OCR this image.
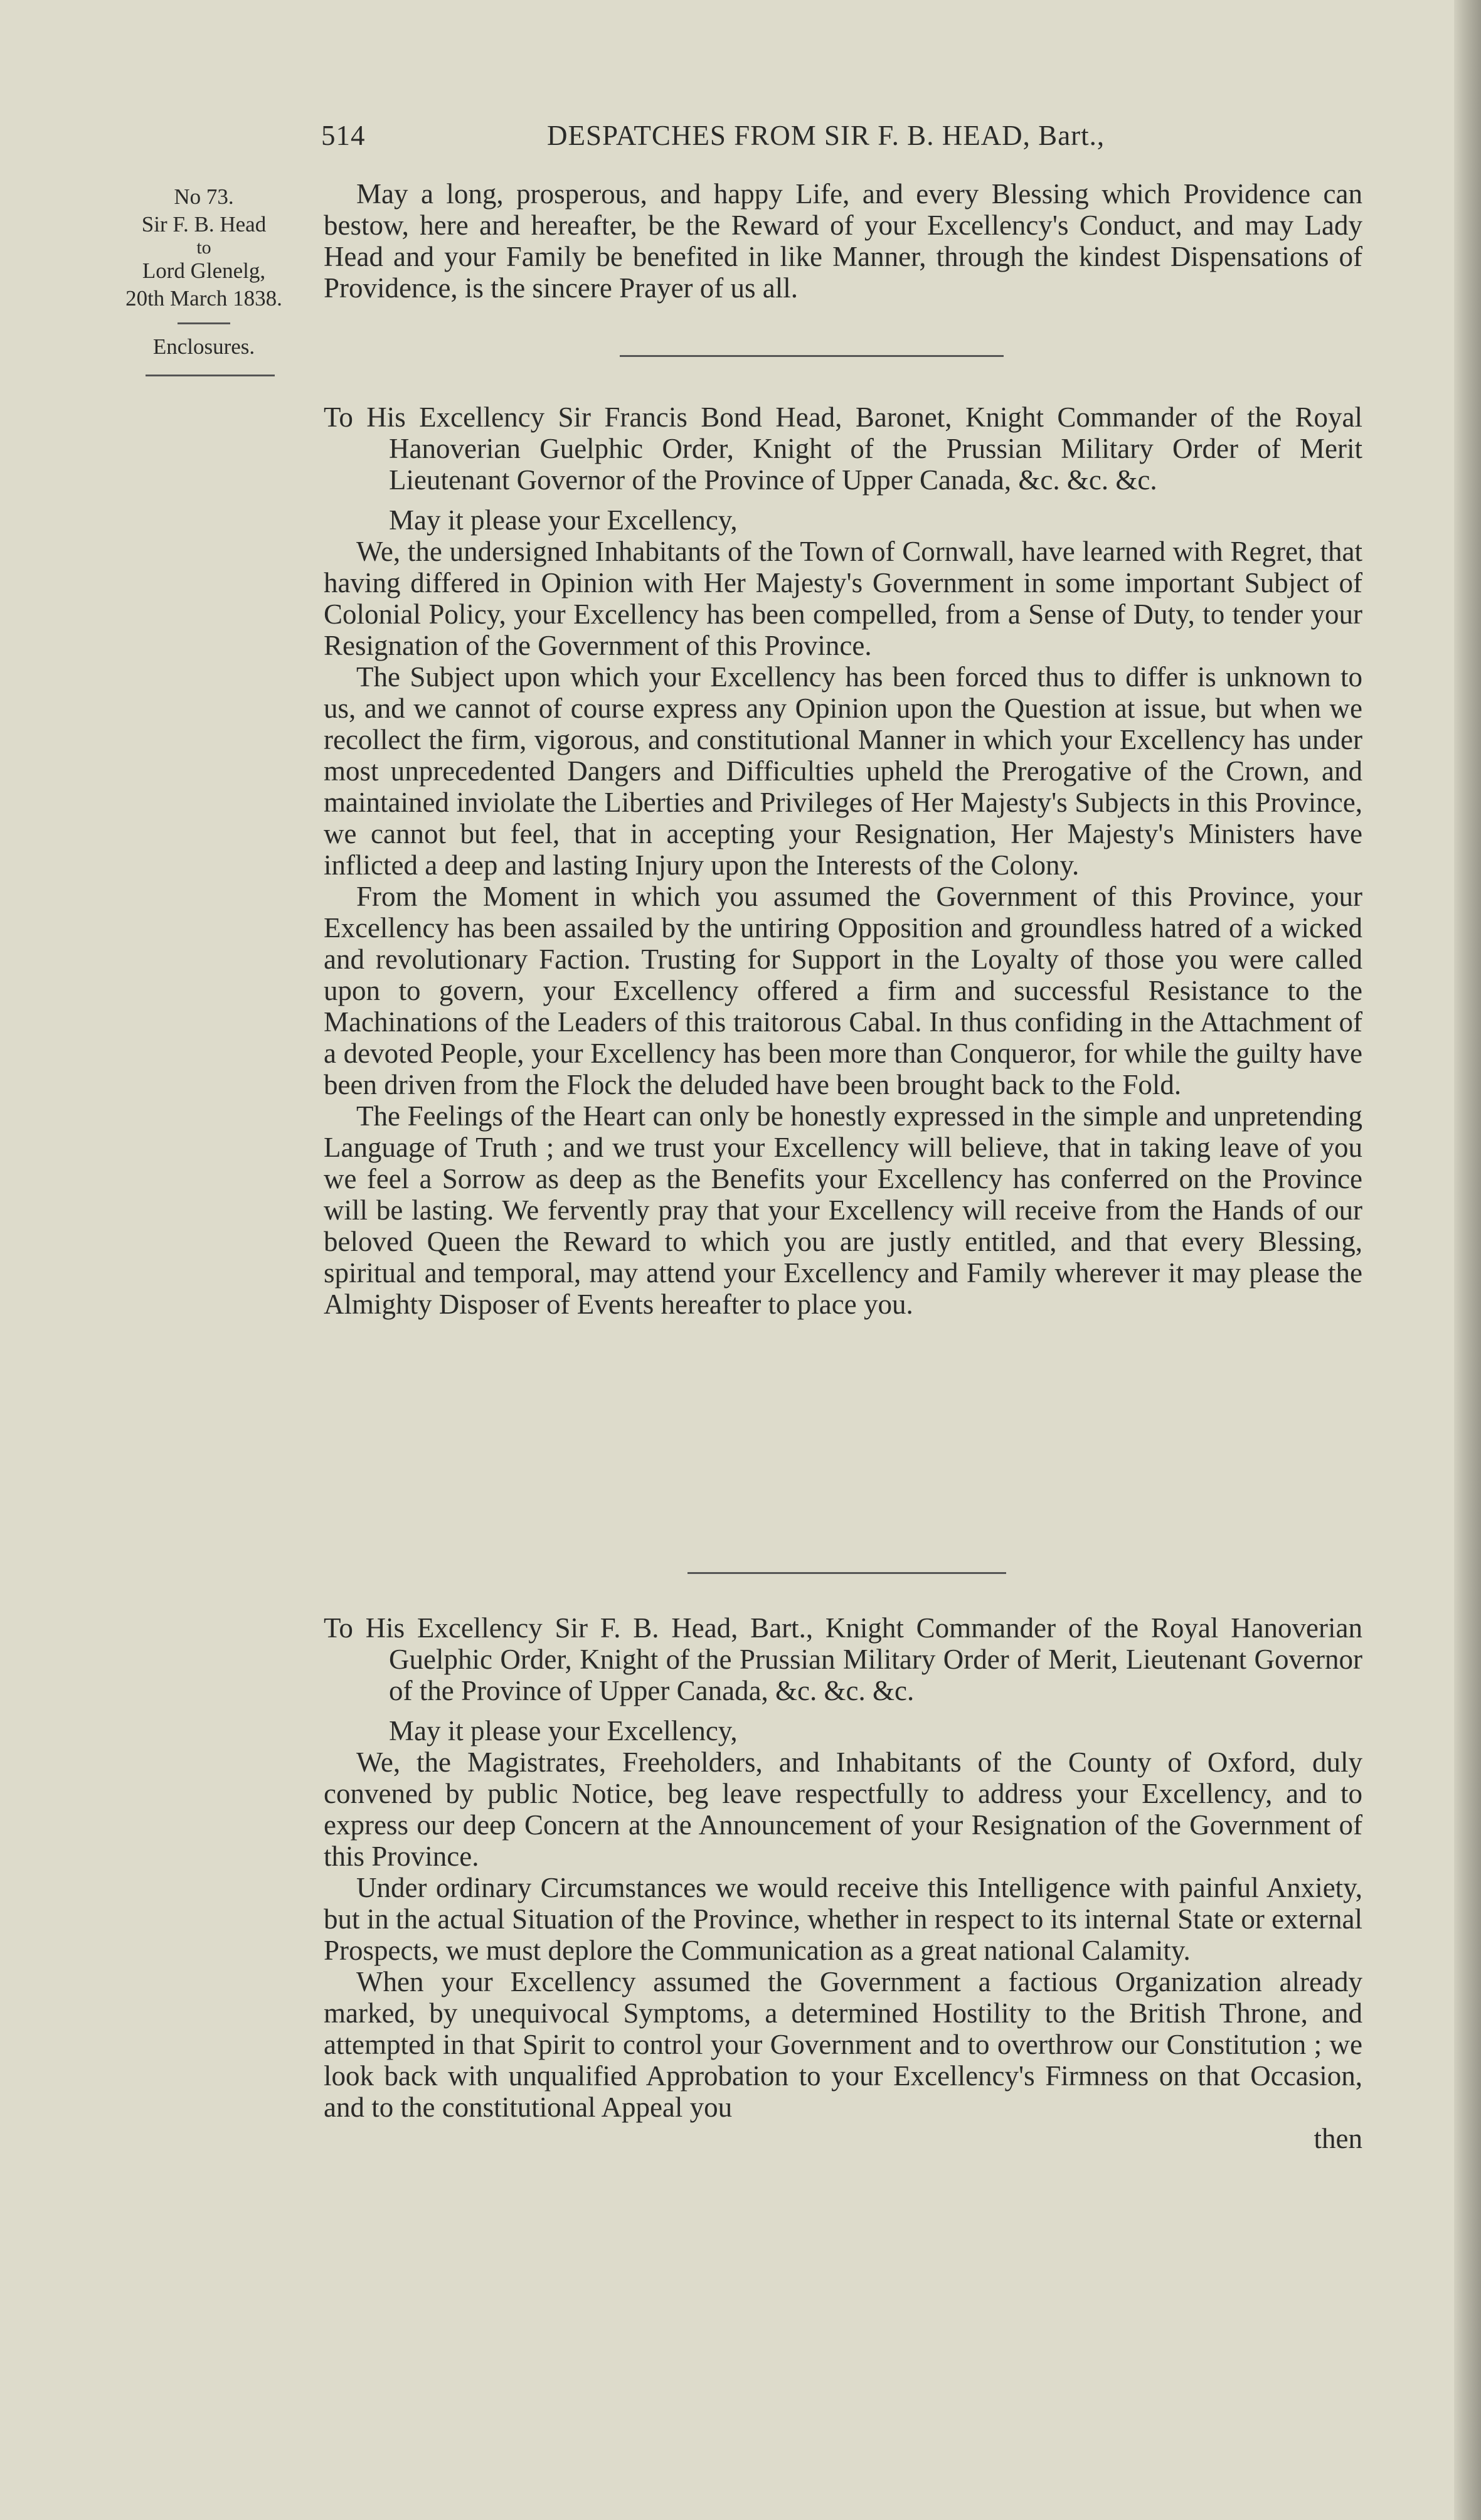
514	DESPATCHES FROM SIR F. B. HEAD, Bart.,
No 73.
Sir F. B. Head
to
Lord Glenelg,
20th March 1838.
Enclosures.

May a long, prosperous, and happy Life, and every Blessing which Providence can bestow, here and hereafter, be the Reward of your Excellency's Conduct, and may Lady Head and your Family be benefited in like Manner, through the kindest Dispensations of Providence, is the sincere Prayer of us all.

To His Excellency Sir Francis Bond Head, Baronet, Knight Commander of the Royal Hanoverian Guelphic Order, Knight of the Prussian Military Order of Merit Lieutenant Governor of the Province of Upper Canada, &c. &c. &c.

May it please your Excellency,

We, the undersigned Inhabitants of the Town of Cornwall, have learned with Regret, that having differed in Opinion with Her Majesty's Government in some important Subject of Colonial Policy, your Excellency has been compelled, from a Sense of Duty, to tender your Resignation of the Government of this Province.

The Subject upon which your Excellency has been forced thus to differ is unknown to us, and we cannot of course express any Opinion upon the Question at issue, but when we recollect the firm, vigorous, and constitutional Manner in which your Excellency has under most unprecedented Dangers and Difficulties upheld the Prerogative of the Crown, and maintained inviolate the Liberties and Privileges of Her Majesty's Subjects in this Province, we cannot but feel, that in accepting your Resignation, Her Majesty's Ministers have inflicted a deep and lasting Injury upon the Interests of the Colony.

From the Moment in which you assumed the Government of this Province, your Excellency has been assailed by the untiring Opposition and groundless hatred of a wicked and revolutionary Faction. Trusting for Support in the Loyalty of those you were called upon to govern, your Excellency offered a firm and successful Resistance to the Machinations of the Leaders of this traitorous Cabal. In thus confiding in the Attachment of a devoted People, your Excellency has been more than Conqueror, for while the guilty have been driven from the Flock the deluded have been brought back to the Fold.

The Feelings of the Heart can only be honestly expressed in the simple and unpretending Language of Truth ; and we trust your Excellency will believe, that in taking leave of you we feel a Sorrow as deep as the Benefits your Excellency has conferred on the Province will be lasting. We fervently pray that your Excellency will receive from the Hands of our beloved Queen the Reward to which you are justly entitled, and that every Blessing, spiritual and temporal, may attend your Excellency and Family wherever it may please the Almighty Disposer of Events hereafter to place you.

To His Excellency Sir F. B. Head, Bart., Knight Commander of the Royal Hanoverian Guelphic Order, Knight of the Prussian Military Order of Merit, Lieutenant Governor of the Province of Upper Canada, &c. &c. &c.

May it please your Excellency,

We, the Magistrates, Freeholders, and Inhabitants of the County of Oxford, duly convened by public Notice, beg leave respectfully to address your Excellency, and to express our deep Concern at the Announcement of your Resignation of the Government of this Province.

Under ordinary Circumstances we would receive this Intelligence with painful Anxiety, but in the actual Situation of the Province, whether in respect to its internal State or external Prospects, we must deplore the Communication as a great national Calamity.

When your Excellency assumed the Government a factious Organization already marked, by unequivocal Symptoms, a determined Hostility to the British Throne, and attempted in that Spirit to control your Government and to overthrow our Constitution ; we look back with unqualified Approbation to your Excellency's Firmness on that Occasion, and to the constitutional Appeal you

then
